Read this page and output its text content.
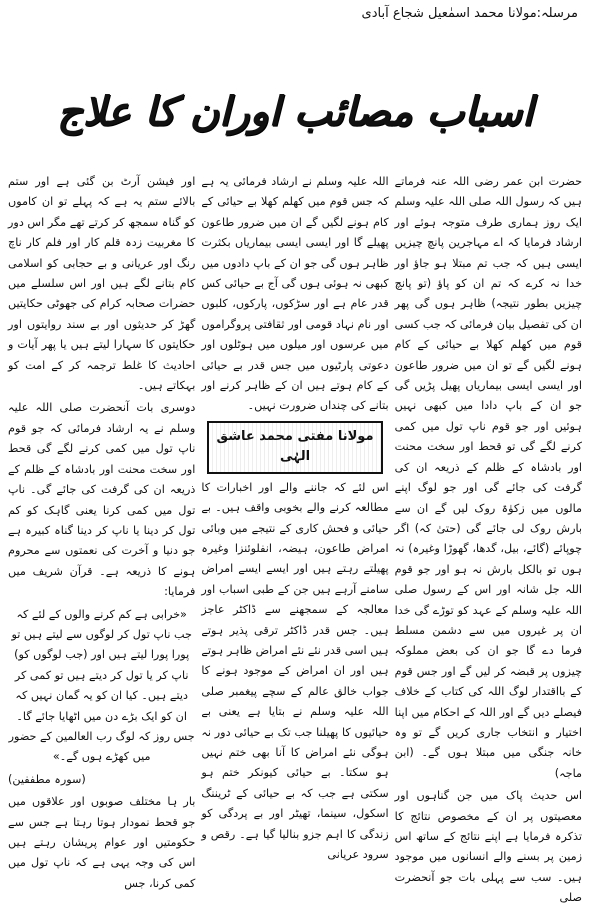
مرسلہ:مولانا محمد اسمٰعیل شجاع آبادی
اسباب مصائب اوران کا علاج

حضرت ابن عمر رضی اللہ عنہ فرماتے ہیں کہ رسول اللہ صلی اللہ علیہ وسلم ایک روز ہماری طرف متوجہ ہوئے اور ارشاد فرمایا کہ اے مہاجرین پانچ چیزیں ایسی ہیں کہ جب تم مبتلا ہو جاؤ اور خدا نہ کرے کہ تم ان کو پاؤ (تو پانچ چیزیں بطور نتیجہ) ظاہر ہوں گی پھر ان کی تفصیل بیان فرمائی کہ جب کسی قوم میں کھلم کھلا بے حیائی کے کام ہونے لگیں گے تو ان میں ضرور طاعون اور ایسی ایسی بیماریاں پھیل پڑیں گی جو ان کے باپ دادا میں کبھی نہیں ہوئیں اور جو قوم ناپ تول میں کمی کرنے لگے گی تو قحط اور سخت محنت اور بادشاہ کے ظلم کے ذریعہ ان کی گرفت کی جائے گی اور جو لوگ اپنے مالوں میں زکوٰۃ روک لیں گے ان سے بارش روک لی جائے گی (حتیٰ کہ) اگر چوپائے (گائے، بیل، گدھا، گھوڑا وغیرہ) نہ ہوں تو بالکل بارش نہ ہو اور جو قوم اللہ جل شانہ اور اس کے رسول صلی اللہ علیہ وسلم کے عہد کو توڑے گی خدا ان پر غیروں میں سے دشمن مسلط فرما دے گا جو ان کی بعض مملوکہ چیزوں پر قبضہ کر لیں گے اور جس قوم کے بااقتدار لوگ اللہ کی کتاب کے خلاف فیصلے دیں گے اور اللہ کے احکام میں اپنا اختیار و انتخاب جاری کریں گے تو وہ خانہ جنگی میں مبتلا ہوں گے۔ (ابن ماجہ)

اس حدیث پاک میں جن گناہوں اور معصیتوں پر ان کے مخصوص نتائج کا تذکرہ فرمایا ہے اپنے نتائج کے ساتھ اس زمین پر بسنے والے انسانوں میں موجود ہیں۔ سب سے پہلی بات جو آنحضرت صلی

اللہ علیہ وسلم نے ارشاد فرمائی یہ ہے کہ جس قوم میں کھلم کھلا بے حیائی کے کام ہونے لگیں گے ان میں ضرور طاعون پھیلے گا اور ایسی ایسی بیماریاں بکثرت ظاہر ہوں گی جو ان کے باپ دادوں میں کبھی نہ ہوئی ہوں گی آج بے حیائی کس قدر عام ہے اور سڑکوں، پارکوں، کلبوں اور نام نہاد قومی اور ثقافتی پروگراموں میں عرسوں اور میلوں میں ہوٹلوں اور دعوتی پارٹیوں میں جس قدر بے حیائی کے کام ہوتے ہیں ان کے ظاہر کرنے اور بتانے کی چنداں ضرورت نہیں۔

مولانا مفتی محمد عاشق الہٰی

اس لئے کہ جاننے والے اور اخبارات کا مطالعہ کرنے والے بخوبی واقف ہیں۔ بے حیائی و فحش کاری کے نتیجے میں وبائی امراض طاعون، ہیضہ، انفلوئنزا وغیرہ پھیلتے رہتے ہیں اور ایسے ایسے امراض سامنے آرہے ہیں جن کے طبی اسباب اور معالجہ کے سمجھنے سے ڈاکٹر عاجز ہیں۔ جس قدر ڈاکٹر ترقی پذیر ہوتے ہیں اسی قدر نئے نئے امراض ظاہر ہوتے ہیں اور ان امراض کے موجود ہونے کا جواب خالق عالم کے سچے پیغمبر صلی اللہ علیہ وسلم نے بتایا ہے یعنی بے حیائیوں کا پھیلنا جب تک بے حیائی دور نہ ہوگی نئے امراض کا آنا بھی ختم نہیں ہو سکتا۔ بے حیائی کیونکر ختم ہو سکتی ہے جب کہ بے حیائی کے ٹریننگ اسکول، سینما، تھیٹر اور بے پردگی کو زندگی کا اہم جزو بنالیا گیا ہے۔ رقص و سرود عریانی

اور فیشن آرٹ بن گئی ہے اور ستم بالائے ستم یہ ہے کہ پہلے تو ان کاموں کو گناہ سمجھ کر کرتے تھے مگر اس دور کا مغربیت زدہ قلم کار اور فلم کار ناچ رنگ اور عریانی و بے حجابی کو اسلامی کام بتانے لگے ہیں اور اس سلسلے میں حضرات صحابہ کرام کی جھوٹی حکایتیں گھڑ کر حدیثوں اور بے سند روایتوں اور حکایتوں کا سہارا لیتے ہیں یا پھر آیات و احادیث کا غلط ترجمہ کر کے امت کو بہکاتے ہیں۔

دوسری بات آنحضرت صلی اللہ علیہ وسلم نے یہ ارشاد فرمائی کہ جو قوم ناپ تول میں کمی کرنے لگے گی قحط اور سخت محنت اور بادشاہ کے ظلم کے ذریعہ ان کی گرفت کی جائے گی۔ ناپ تول میں کمی کرنا یعنی گاہک کو کم تول کر دینا یا ناپ کر دینا گناہ کبیرہ ہے جو دنیا و آخرت کی نعمتوں سے محروم ہونے کا ذریعہ ہے۔ قرآن شریف میں فرمایا:

«خرابی ہے کم کرنے والوں کے لئے کہ جب ناپ تول کر لوگوں سے لیتے ہیں تو پورا پورا لیتے ہیں اور (جب لوگوں کو) ناپ کر یا تول کر دیتے ہیں تو کمی کر دیتے ہیں۔ کیا ان کو یہ گمان نہیں کہ ان کو ایک بڑے دن میں اٹھایا جائے گا۔ جس روز کہ لوگ رب العالمین کے حضور میں کھڑے ہوں گے۔»

(سورہ مطففین)

بار ہا مختلف صوبوں اور علاقوں میں جو قحط نمودار ہوتا رہتا ہے جس سے حکومتیں اور عوام پریشان رہتے ہیں اس کی وجہ یہی ہے کہ ناپ تول میں کمی کرنا، جس
